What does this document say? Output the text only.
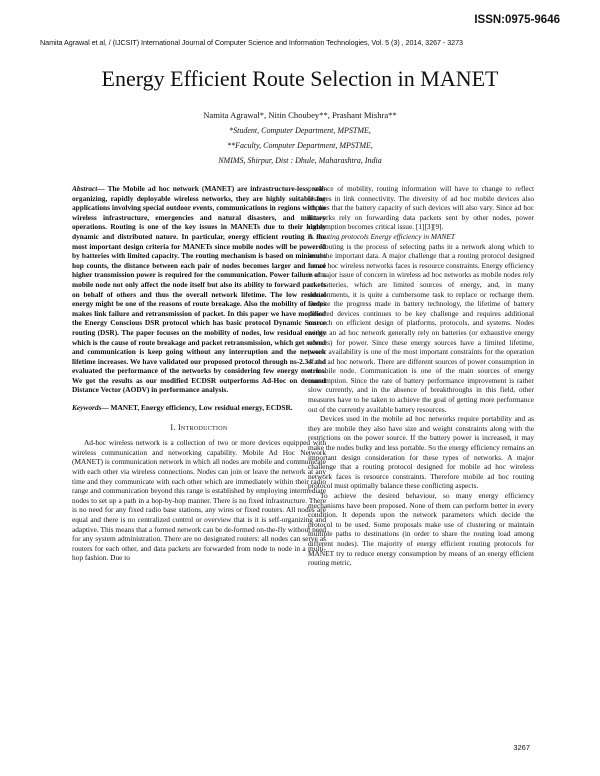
ISSN:0975-9646
Namita Agrawal et al, / (IJCSIT) International Journal of Computer Science and Information Technologies, Vol. 5 (3) , 2014, 3267 - 3273
Energy Efficient Route Selection in MANET
Namita Agrawal*, Nitin Choubey**, Prashant Mishra**
*Student, Computer Department, MPSTME,
**Faculty, Computer Department, MPSTME,
NMIMS, Shirpur, Dist : Dhule, Maharashtra, India
Abstract— The Mobile ad hoc network (MANET) are infrastructure-less, self-organizing, rapidly deployable wireless networks, they are highly suitable for applications involving special outdoor events, communications in regions with no wireless infrastructure, emergencies and natural disasters, and military operations. Routing is one of the key issues in MANETs due to their highly dynamic and distributed nature. In particular, energy efficient routing is the most important design criteria for MANETs since mobile nodes will be powered by batteries with limited capacity. The routing mechanism is based on minimum hop counts, the distance between each pair of nodes becomes larger and hence higher transmission power is required for the communication. Power failure of a mobile node not only affect the node itself but also its ability to forward packets on behalf of others and thus the overall network lifetime. The low residual energy might be one of the reasons of route breakage. Also the mobility of nodes makes link failure and retransmission of packet. In this paper we have modified the Energy Conscious DSR protocol which has basic protocol Dynamic Source routing (DSR). The paper focuses on the mobility of nodes, low residual energy which is the cause of route breakage and packet retransmission, which get solved and communication is keep going without any interruption and the network lifetime increases. We have validated our proposed protocol through ns-2.34 and evaluated the performance of the networks by considering few energy metrics. We got the results as our modified ECDSR outperforms Ad-Hoc on demand Distance Vector (AODV) in performance analysis.
Keywords— MANET, Energy efficiency, Low residual energy, ECDSR.
I. Introduction

Ad-hoc wireless network is a collection of two or more devices equipped with wireless communication and networking capability. Mobile Ad Hoc Network (MANET) is communication network in which all nodes are mobile and communicate with each other via wireless connections. Nodes can join or leave the network at any time and they communicate with each other which are immediately within their radio range and communication beyond this range is established by employing intermediate nodes to set up a path in a hop-by-hop manner. There is no fixed infrastructure. There is no need for any fixed radio base stations, any wires or fixed routers. All nodes are equal and there is no centralized control or overview that is it is self-organizing and adaptive. This means that a formed network can be de-formed on-the-fly without need for any system administration. There are no designated routers: all nodes can serve as routers for each other, and data packets are forwarded from node to node in a multi-hop fashion. Due to

presence of mobility, routing information will have to change to reflect changes in link connectivity. The diversity of ad hoc mobile devices also implies that the battery capacity of such devices will also vary. Since ad hoc networks rely on forwarding data packets sent by other nodes, power consumption becomes critical issue. [1][3][9].

A. Routing protocols Energy efficiency in MANET

Routing is the process of selecting paths in a network along which to send the important data. A major challenge that a routing protocol designed for ad hoc wireless networks faces is resource constraints. Energy efficiency is a major issue of concern in wireless ad hoc networks as mobile nodes rely on batteries, which are limited sources of energy, and, in many environments, it is quite a cumbersome task to replace or recharge them. Despite the progress made in battery technology, the lifetime of battery powered devices continues to be key challenge and requires additional research on efficient design of platforms, protocols, and systems. Nodes within an ad hoc network generally rely on batteries (or exhaustive energy sources) for power. Since these energy sources have a limited lifetime, power availability is one of the most important constraints for the operation of the ad hoc network. There are different sources of power consumption in a mobile node. Communication is one of the main sources of energy consumption. Since the rate of battery performance improvement is rather slow currently, and in the absence of breakthroughs in this field, other measures have to be taken to achieve the goal of getting more performance out of the currently available battery resources.

Devices used in the mobile ad hoc networks require portability and as they are mobile they also have size and weight constraints along with the restrictions on the power source. If the battery power is increased, it may make the nodes bulky and less portable. So the energy efficiency remains an important design consideration for these types of networks. A major challenge that a routing protocol designed for mobile ad hoc wireless network faces is resource constraints. Therefore mobile ad hoc routing protocol must optimally balance these conflicting aspects.

To achieve the desired behaviour, so many energy efficiency mechanisms have been proposed. None of them can perform better in every condition. It depends upon the network parameters which decide the protocol to be used. Some proposals make use of clustering or maintain multiple paths to destinations (in order to share the routing load among different nodes). The majority of energy efficient routing protocols for MANET try to reduce energy consumption by means of an energy efficient routing metric,

3267
